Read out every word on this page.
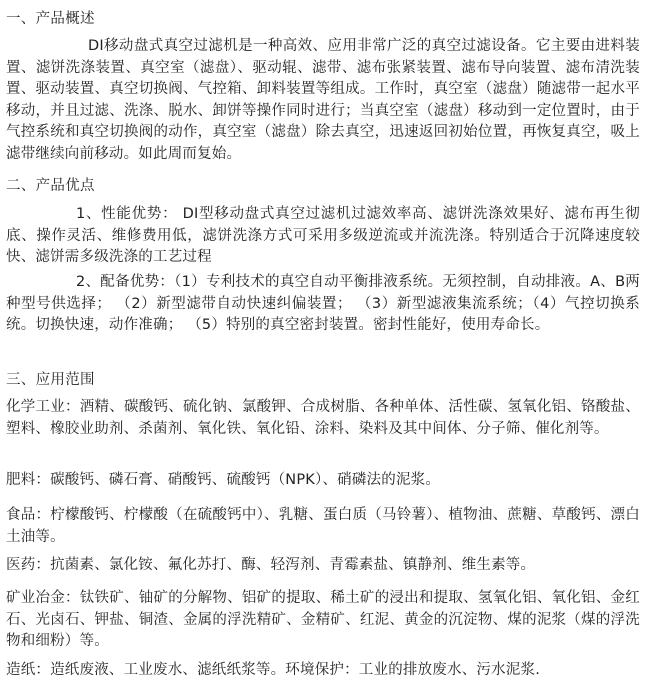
一、产品概述

DI移动盘式真空过滤机是一种高效、应用非常广泛的真空过滤设备。它主要由进料装置、滤饼洗涤装置、真空室（滤盘）、驱动辊、滤带、滤布张紧装置、滤布导向装置、滤布清洗装置、驱动装置、真空切换阀、气控箱、卸料装置等组成。工作时，真空室（滤盘）随滤带一起水平移动，并且过滤、洗涤、脱水、卸饼等操作同时进行；当真空室（滤盘）移动到一定位置时，由于气控系统和真空切换阀的动作，真空室（滤盘）除去真空，迅速返回初始位置，再恢复真空，吸上滤带继续向前移动。如此周而复始。

二、产品优点

1、性能优势： DI型移动盘式真空过滤机过滤效率高、滤饼洗涤效果好、滤布再生彻底、操作灵活、维修费用低，滤饼洗涤方式可采用多级逆流或并流洗涤。特别适合于沉降速度较快、滤饼需多级洗涤的工艺过程

2、配备优势：（1）专利技术的真空自动平衡排液系统。无须控制，自动排液。A、B两种型号供选择； （2）新型滤带自动快速纠偏装置； （3）新型滤液集流系统；（4）气控切换系统。切换快速，动作准确； （5）特别的真空密封装置。密封性能好，使用寿命长。

三、应用范围

化学工业：酒精、碳酸钙、硫化钠、氯酸钾、合成树脂、各种单体、活性碳、氢氧化铝、铬酸盐、塑料、橡胶业助剂、杀菌剂、氧化铁、氧化铅、涂料、染料及其中间体、分子筛、催化剂等。

肥料：碳酸钙、磷石膏、硝酸钙、硫酸钙（NPK）、硝磷法的泥浆。

食品：柠檬酸钙、柠檬酸（在硫酸钙中）、乳糖、蛋白质（马铃薯）、植物油、蔗糖、草酸钙、漂白土油等。

医药：抗菌素、氯化铵、氟化苏打、酶、轻泻剂、青霉素盐、镇静剂、维生素等。

矿业冶金：钛铁矿、铀矿的分解物、铝矿的提取、稀土矿的浸出和提取、氢氧化铝、氧化铝、金红石、光卤石、钾盐、铜渣、金属的浮洗精矿、金精矿、红泥、黄金的沉淀物、煤的泥浆（煤的浮洗物和细粉）等。

造纸：造纸废液、工业废水、滤纸纸浆等。环境保护：工业的排放废水、污水泥浆.
